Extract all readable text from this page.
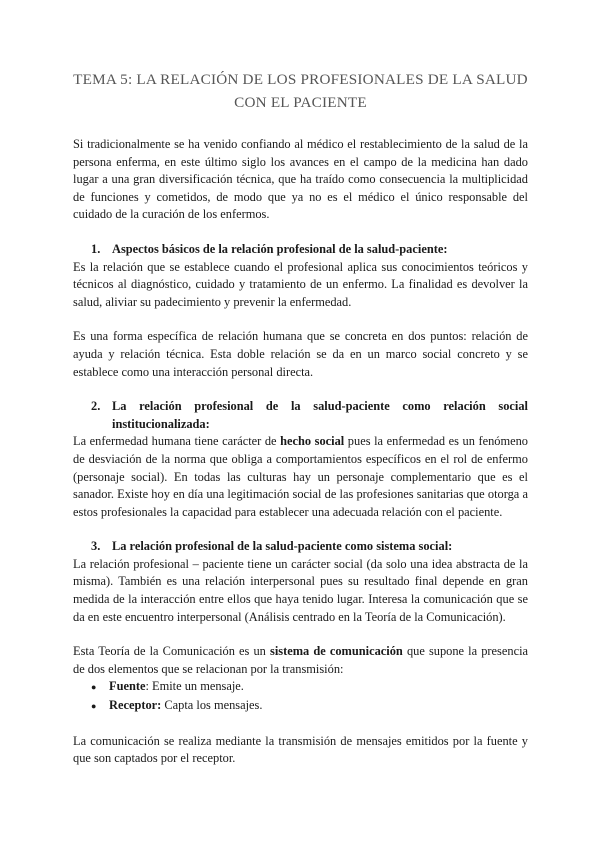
TEMA 5: LA RELACIÓN DE LOS PROFESIONALES DE LA SALUD
CON EL PACIENTE

Si tradicionalmente se ha venido confiando al médico el restablecimiento de la salud de la persona enferma, en este último siglo los avances en el campo de la medicina han dado lugar a una gran diversificación técnica, que ha traído como consecuencia la multiplicidad de funciones y cometidos, de modo que ya no es el médico el único responsable del cuidado de la curación de los enfermos.

1. Aspectos básicos de la relación profesional de la salud-paciente:

Es la relación que se establece cuando el profesional aplica sus conocimientos teóricos y técnicos al diagnóstico, cuidado y tratamiento de un enfermo. La finalidad es devolver la salud, aliviar su padecimiento y prevenir la enfermedad.

Es una forma específica de relación humana que se concreta en dos puntos: relación de ayuda y relación técnica. Esta doble relación se da en un marco social concreto y se establece como una interacción personal directa.

2. La relación profesional de la salud-paciente como relación social institucionalizada:

La enfermedad humana tiene carácter de hecho social pues la enfermedad es un fenómeno de desviación de la norma que obliga a comportamientos específicos en el rol de enfermo (personaje social). En todas las culturas hay un personaje complementario que es el sanador. Existe hoy en día una legitimación social de las profesiones sanitarias que otorga a estos profesionales la capacidad para establecer una adecuada relación con el paciente.

3. La relación profesional de la salud-paciente como sistema social:

La relación profesional – paciente tiene un carácter social (da solo una idea abstracta de la misma). También es una relación interpersonal pues su resultado final depende en gran medida de la interacción entre ellos que haya tenido lugar. Interesa la comunicación que se da en este encuentro interpersonal (Análisis centrado en la Teoría de la Comunicación).

Esta Teoría de la Comunicación es un sistema de comunicación que supone la presencia de dos elementos que se relacionan por la transmisión:

●	Fuente: Emite un mensaje.
●	Receptor: Capta los mensajes.

La comunicación se realiza mediante la transmisión de mensajes emitidos por la fuente y que son captados por el receptor.
